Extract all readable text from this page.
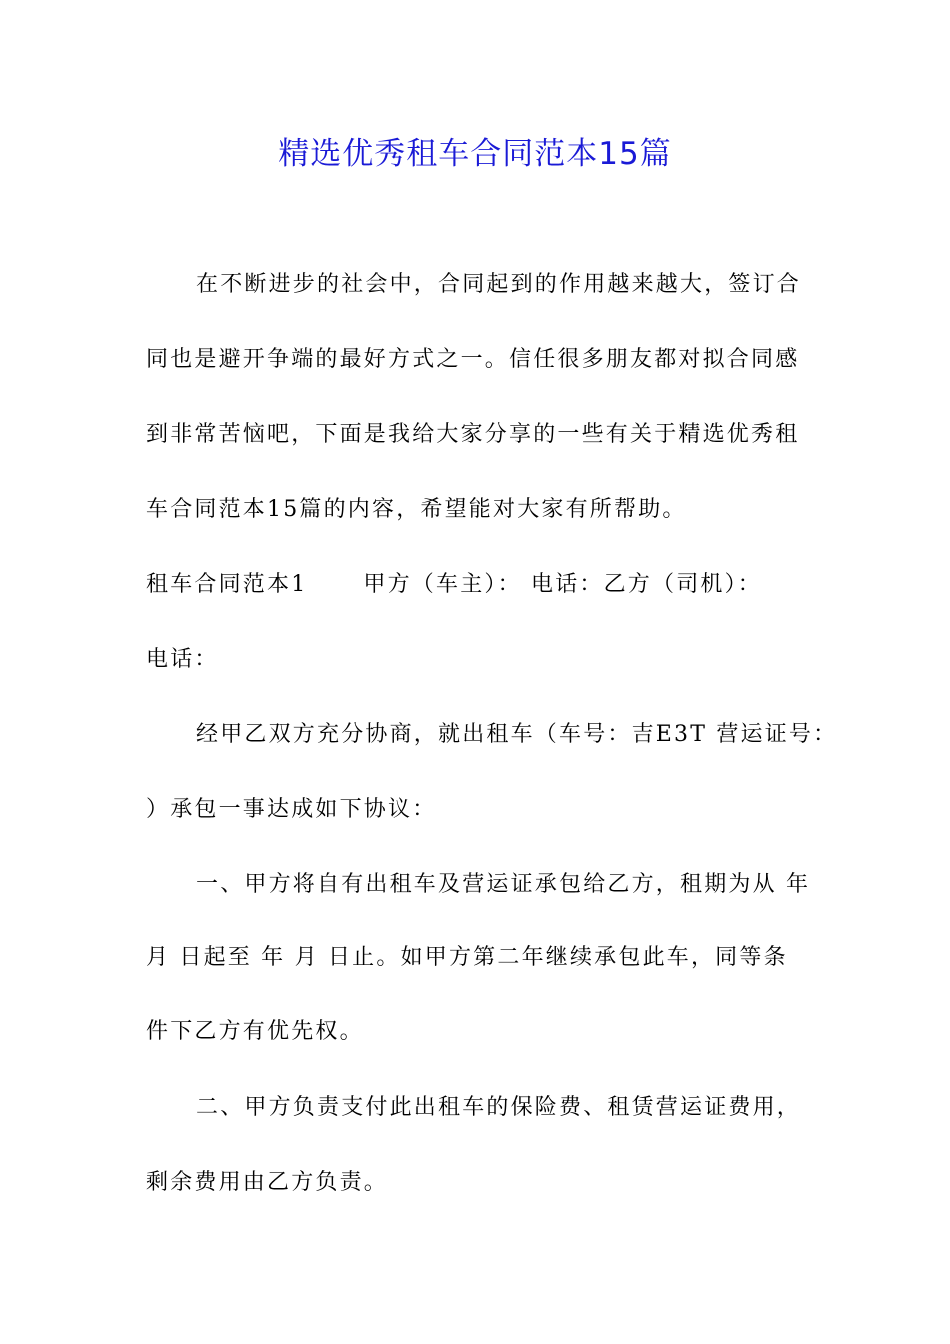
精选优秀租车合同范本15篇
在不断进步的社会中，合同起到的作用越来越大，签订合
同也是避开争端的最好方式之一。信任很多朋友都对拟合同感
到非常苦恼吧，下面是我给大家分享的一些有关于精选优秀租
车合同范本15篇的内容，希望能对大家有所帮助。
租车合同范本1	甲方（车主）： 电话：乙方（司机）：
电话：
经甲乙双方充分协商，就出租车（车号：吉E3T 营运证号：
）承包一事达成如下协议：
一、甲方将自有出租车及营运证承包给乙方，租期为从 年
月 日起至 年 月 日止。如甲方第二年继续承包此车，同等条
件下乙方有优先权。
二、甲方负责支付此出租车的保险费、租赁营运证费用，
剩余费用由乙方负责。
